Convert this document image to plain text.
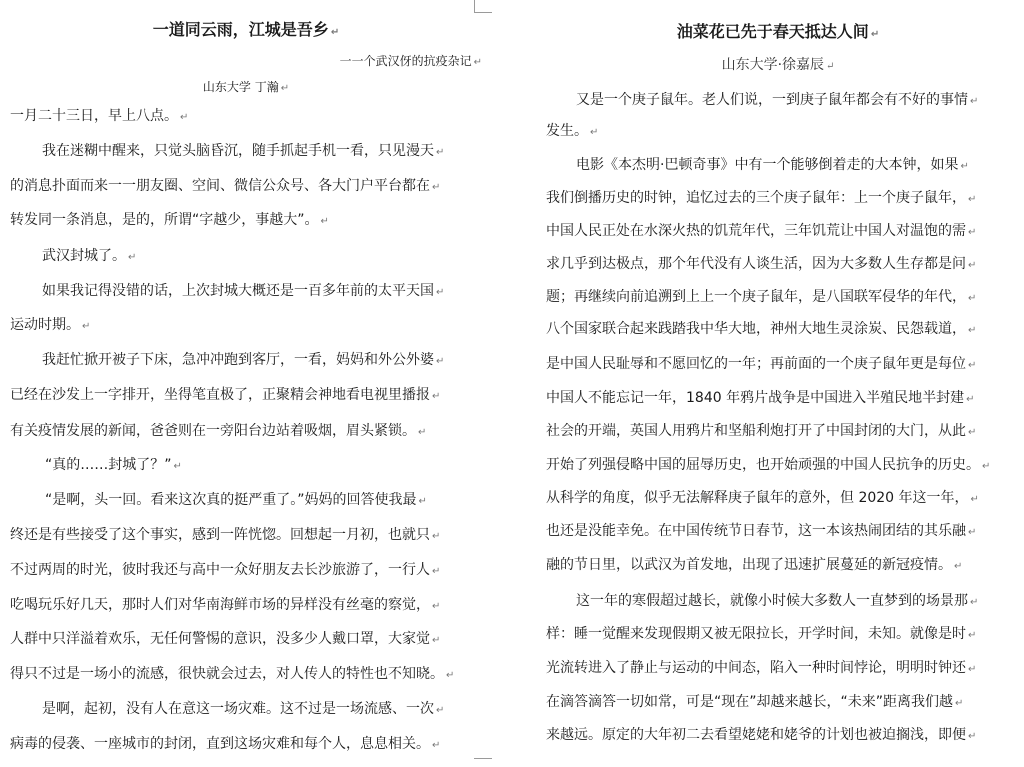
一道同云雨，江城是吾乡 ↵
一一个武汉伢的抗疫杂记 ↵
山东大学 丁瀚 ↵
一月二十三日，早上八点。 ↵
我在迷糊中醒来，只觉头脑昏沉，随手抓起手机一看，只见漫天 ↵
的消息扑面而来一一朋友圈、空间、微信公众号、各大门户平台都在 ↵
转发同一条消息，是的，所谓“字越少，事越大”。 ↵
武汉封城了。 ↵
如果我记得没错的话，上次封城大概还是一百多年前的太平天国 ↵
运动时期。 ↵
我赶忙掀开被子下床，急冲冲跑到客厅，一看，妈妈和外公外婆 ↵
已经在沙发上一字排开，坐得笔直极了，正聚精会神地看电视里播报 ↵
有关疫情发展的新闻，爸爸则在一旁阳台边站着吸烟，眉头紧锁。 ↵
“真的……封城了？” ↵
“是啊，头一回。看来这次真的挺严重了。”妈妈的回答使我最 ↵
终还是有些接受了这个事实，感到一阵恍惚。回想起一月初，也就只 ↵
不过两周的时光，彼时我还与高中一众好朋友去长沙旅游了，一行人 ↵
吃喝玩乐好几天，那时人们对华南海鲜市场的异样没有丝毫的察觉， ↵
人群中只洋溢着欢乐，无任何警惕的意识，没多少人戴口罩，大家觉 ↵
得只不过是一场小的流感，很快就会过去，对人传人的特性也不知晓。 ↵
是啊，起初，没有人在意这一场灾难。这不过是一场流感、一次 ↵
病毒的侵袭、一座城市的封闭，直到这场灾难和每个人，息息相关。 ↵
油菜花已先于春天抵达人间 ↵
山东大学·徐嘉辰 ↵
又是一个庚子鼠年。老人们说，一到庚子鼠年都会有不好的事情 ↵
发生。 ↵
电影《本杰明·巴顿奇事》中有一个能够倒着走的大本钟，如果 ↵
我们倒播历史的时钟，追忆过去的三个庚子鼠年：上一个庚子鼠年， ↵
中国人民正处在水深火热的饥荒年代，三年饥荒让中国人对温饱的需 ↵
求几乎到达极点，那个年代没有人谈生活，因为大多数人生存都是问 ↵
题；再继续向前追溯到上上一个庚子鼠年，是八国联军侵华的年代， ↵
八个国家联合起来践踏我中华大地，神州大地生灵涂炭、民怨载道， ↵
是中国人民耻辱和不愿回忆的一年；再前面的一个庚子鼠年更是每位 ↵
中国人不能忘记一年，1840 年鸦片战争是中国进入半殖民地半封建 ↵
社会的开端，英国人用鸦片和坚船利炮打开了中国封闭的大门，从此 ↵
开始了列强侵略中国的屈辱历史，也开始顽强的中国人民抗争的历史。 ↵
从科学的角度，似乎无法解释庚子鼠年的意外，但 2020 年这一年， ↵
也还是没能幸免。在中国传统节日春节，这一本该热闹团结的其乐融 ↵
融的节日里，以武汉为首发地，出现了迅速扩展蔓延的新冠疫情。 ↵
这一年的寒假超过越长，就像小时候大多数人一直梦到的场景那 ↵
样：睡一觉醒来发现假期又被无限拉长，开学时间，未知。就像是时 ↵
光流转进入了静止与运动的中间态，陷入一种时间悖论，明明时钟还 ↵
在滴答滴答一切如常，可是“现在”却越来越长，“未来”距离我们越 ↵
来越远。原定的大年初二去看望姥姥和姥爷的计划也被迫搁浅，即便 ↵
